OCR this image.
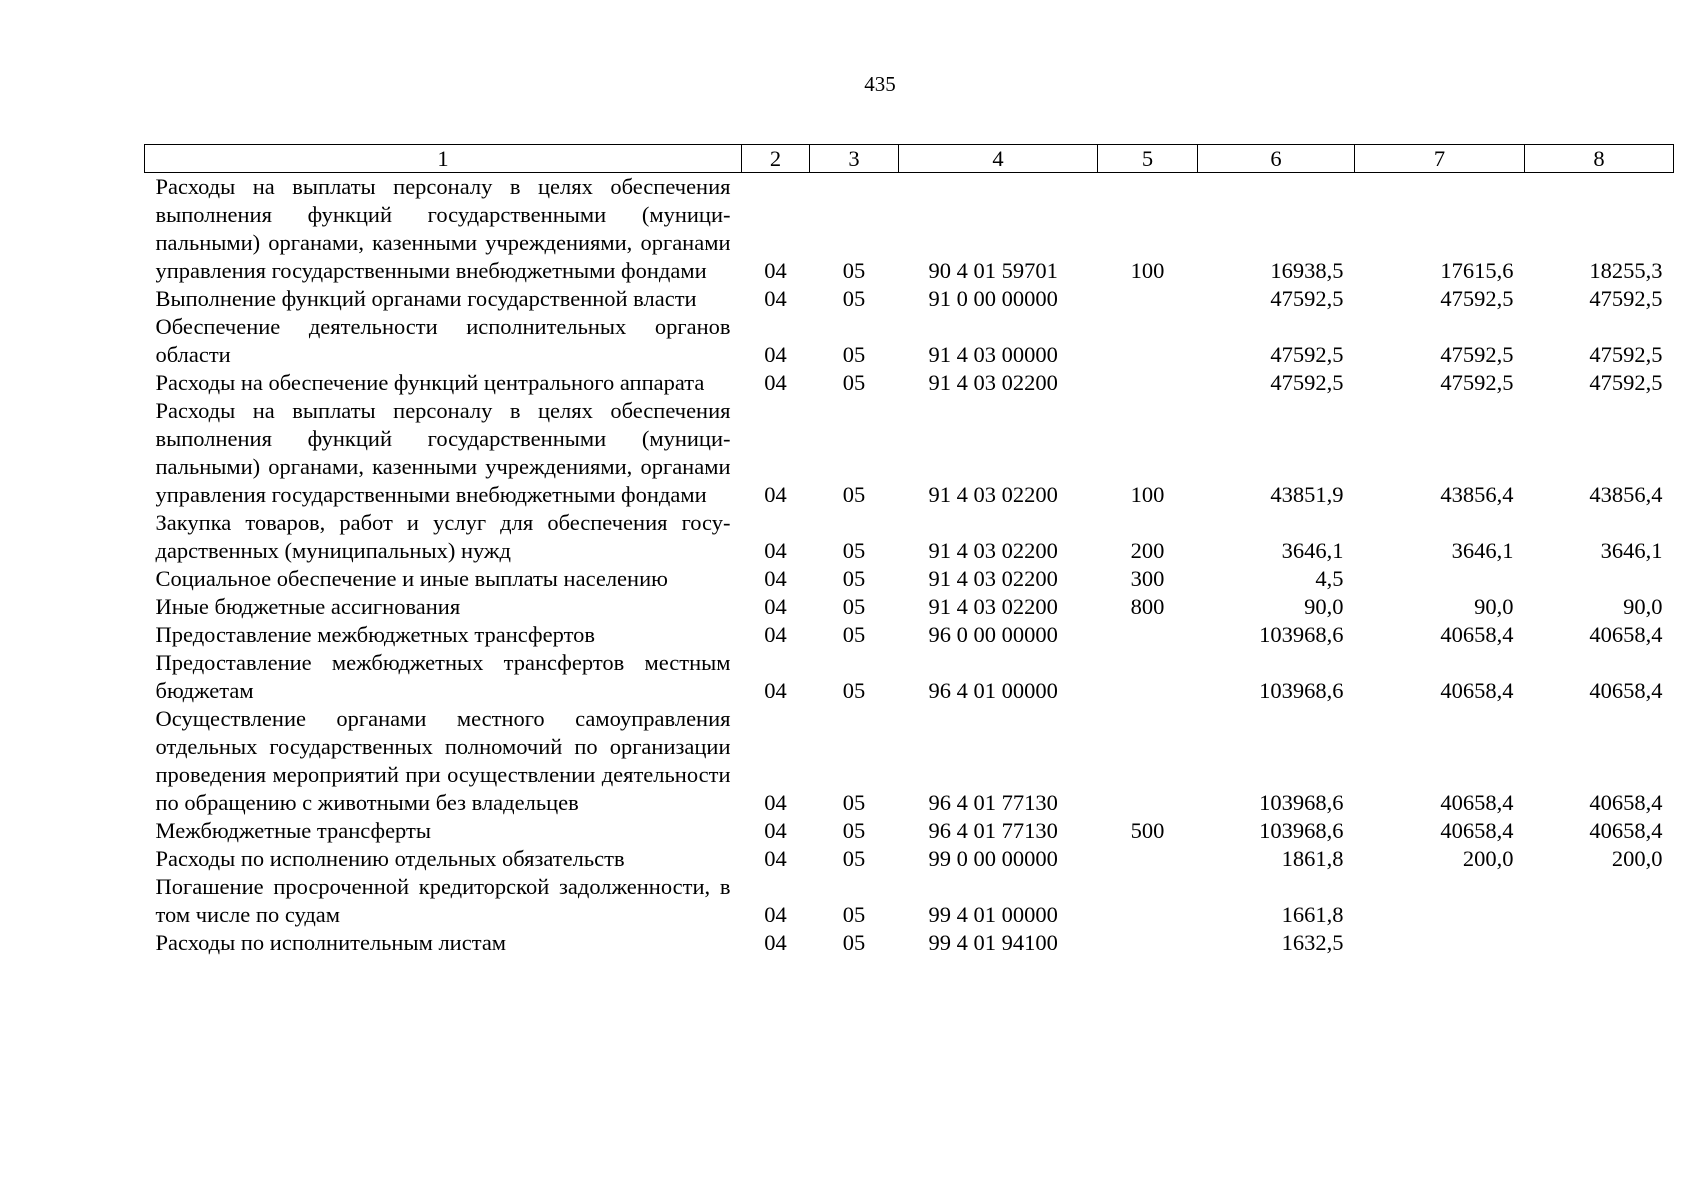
435
1	2	3	4	5	6	7	8
Расходы на выплаты персоналу в целях обеспечения выполнения функций государственными (муниципальными) органами, казенными учреждениями, органами управления государственными внебюджетными фондами	04	05	90 4 01 59701	100	16938,5	17615,6	18255,3
Выполнение функций органами государственной власти	04	05	91 0 00 00000		47592,5	47592,5	47592,5
Обеспечение деятельности исполнительных органов области	04	05	91 4 03 00000		47592,5	47592,5	47592,5
Расходы на обеспечение функций центрального аппарата	04	05	91 4 03 02200		47592,5	47592,5	47592,5
Расходы на выплаты персоналу в целях обеспечения выполнения функций государственными (муниципальными) органами, казенными учреждениями, органами управления государственными внебюджетными фондами	04	05	91 4 03 02200	100	43851,9	43856,4	43856,4
Закупка товаров, работ и услуг для обеспечения государственных (муниципальных) нужд	04	05	91 4 03 02200	200	3646,1	3646,1	3646,1
Социальное обеспечение и иные выплаты населению	04	05	91 4 03 02200	300	4,5		
Иные бюджетные ассигнования	04	05	91 4 03 02200	800	90,0	90,0	90,0
Предоставление межбюджетных трансфертов	04	05	96 0 00 00000		103968,6	40658,4	40658,4
Предоставление межбюджетных трансфертов местным бюджетам	04	05	96 4 01 00000		103968,6	40658,4	40658,4
Осуществление органами местного самоуправления отдельных государственных полномочий по организации проведения мероприятий при осуществлении деятельности по обращению с животными без владельцев	04	05	96 4 01 77130		103968,6	40658,4	40658,4
Межбюджетные трансферты	04	05	96 4 01 77130	500	103968,6	40658,4	40658,4
Расходы по исполнению отдельных обязательств	04	05	99 0 00 00000		1861,8	200,0	200,0
Погашение просроченной кредиторской задолженности, в том числе по судам	04	05	99 4 01 00000		1661,8		
Расходы по исполнительным листам	04	05	99 4 01 94100		1632,5		
